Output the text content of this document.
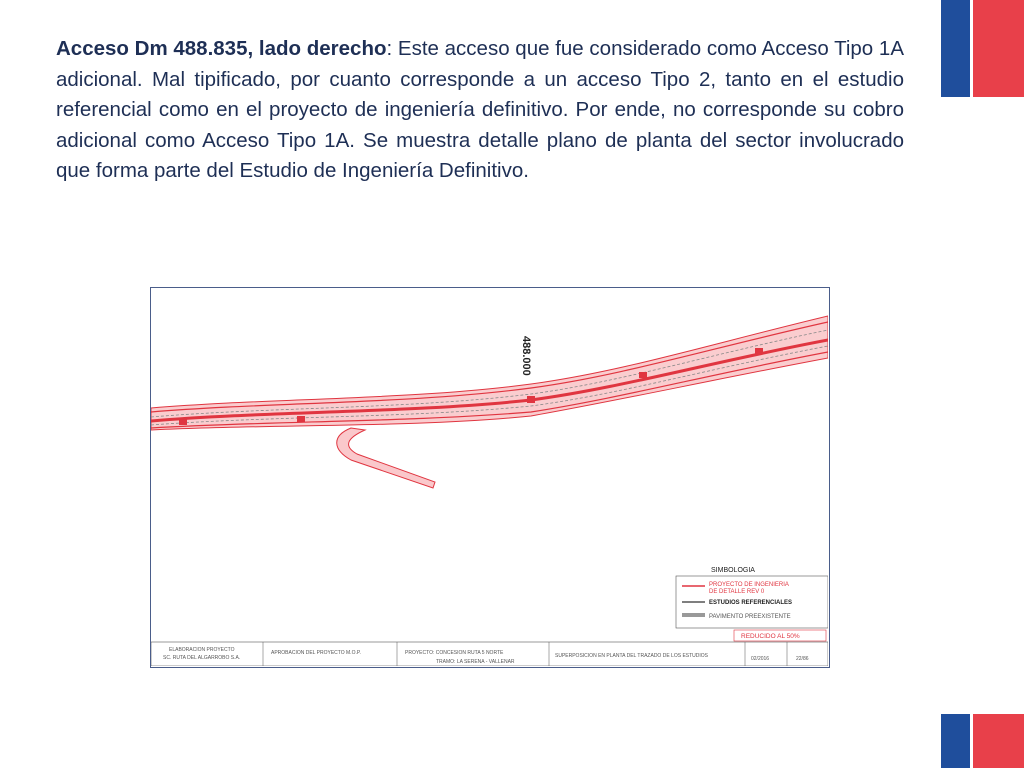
Acceso Dm 488.835, lado derecho: Este acceso que fue considerado como Acceso Tipo 1A adicional. Mal tipificado, por cuanto corresponde a un acceso Tipo 2, tanto en el estudio referencial como en el proyecto de ingeniería definitivo. Por ende, no corresponde su cobro adicional como Acceso Tipo 1A. Se muestra detalle plano de planta del sector involucrado que forma parte del Estudio de Ingeniería Definitivo.

488.000
SIMBOLOGIA
PROYECTO DE INGENIERIA
DE DETALLE REV 0
ESTUDIOS REFERENCIALES
PAVIMENTO PREEXISTENTE
REDUCIDO AL 50%
ELABORACION PROYECTO
SC. RUTA DEL ALGARROBO S.A.
APROBACION DEL PROYECTO M.O.P.	PROYECTO: CONCESION RUTA 5 NORTE
TRAMO: LA SERENA - VALLENAR
SUPERPOSICION EN PLANTA DEL TRAZADO DE LOS ESTUDIOS	02/2016	22/86
